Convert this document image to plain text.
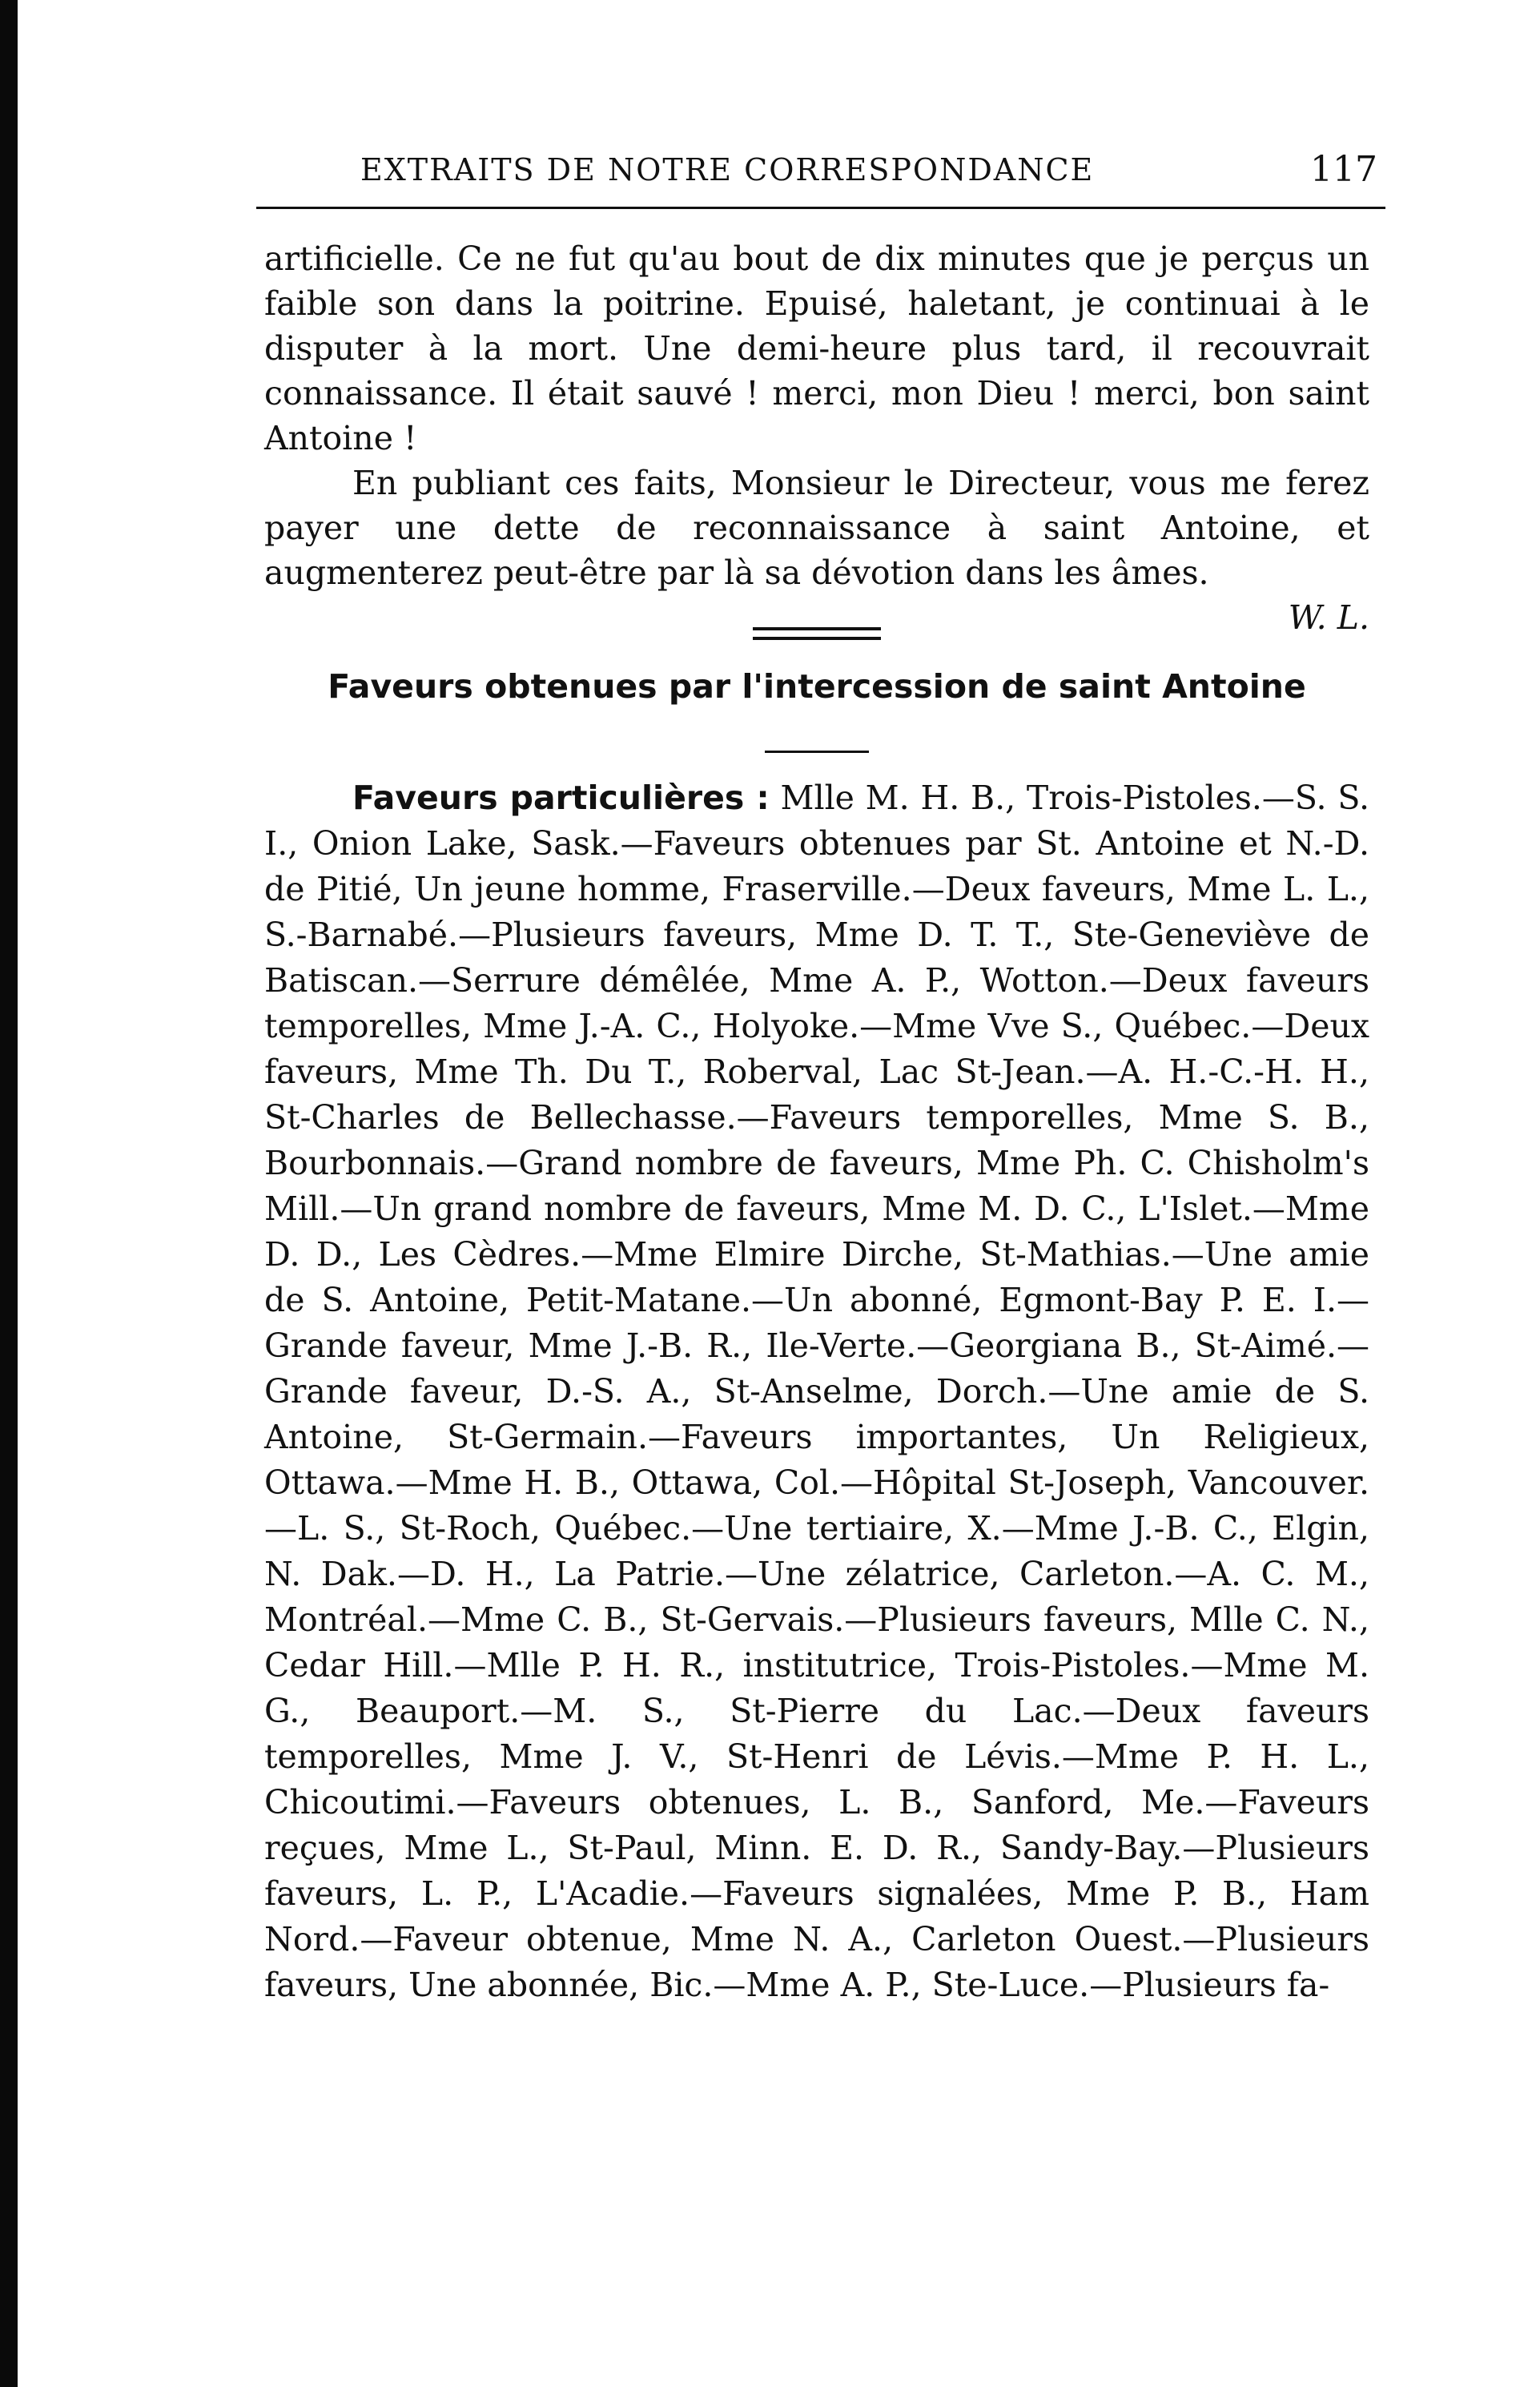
EXTRAITS DE NOTRE CORRESPONDANCE	117

artificielle. Ce ne fut qu'au bout de dix minutes que je perçus un faible son dans la poitrine. Epuisé, haletant, je continuai à le disputer à la mort. Une demi-heure plus tard, il recouvrait connaissance. Il était sauvé ! merci, mon Dieu ! merci, bon saint Antoine !

En publiant ces faits, Monsieur le Directeur, vous me ferez payer une dette de reconnaissance à saint Antoine, et augmenterez peut-être par là sa dévotion dans les âmes.
W. L.

Faveurs obtenues par l'intercession de saint Antoine

Faveurs particulières : Mlle M. H. B., Trois-Pistoles.—S. S. I., Onion Lake, Sask.—Faveurs obtenues par St. Antoine et N.-D. de Pitié, Un jeune homme, Fraserville.—Deux faveurs, Mme L. L., S.-Barnabé.—Plusieurs faveurs, Mme D. T. T., Ste-Geneviève de Batiscan.—Serrure démêlée, Mme A. P., Wotton.—Deux faveurs temporelles, Mme J.-A. C., Holyoke.—Mme Vve S., Québec.—Deux faveurs, Mme Th. Du T., Roberval, Lac St-Jean.—A. H.-C.-H. H., St-Charles de Bellechasse.—Faveurs temporelles, Mme S. B., Bourbonnais.—Grand nombre de faveurs, Mme Ph. C. Chisholm's Mill.—Un grand nombre de faveurs, Mme M. D. C., L'Islet.—Mme D. D., Les Cèdres.—Mme Elmire Dirche, St-Mathias.—Une amie de S. Antoine, Petit-Matane.—Un abonné, Egmont-Bay P. E. I.—Grande faveur, Mme J.-B. R., Ile-Verte.—Georgiana B., St-Aimé.—Grande faveur, D.-S. A., St-Anselme, Dorch.—Une amie de S. Antoine, St-Germain.—Faveurs importantes, Un Religieux, Ottawa.—Mme H. B., Ottawa, Col.—Hôpital St-Joseph, Vancouver.—L. S., St-Roch, Québec.—Une tertiaire, X.—Mme J.-B. C., Elgin, N. Dak.—D. H., La Patrie.—Une zélatrice, Carleton.—A. C. M., Montréal.—Mme C. B., St-Gervais.—Plusieurs faveurs, Mlle C. N., Cedar Hill.—Mlle P. H. R., institutrice, Trois-Pistoles.—Mme M. G., Beauport.—M. S., St-Pierre du Lac.—Deux faveurs temporelles, Mme J. V., St-Henri de Lévis.—Mme P. H. L., Chicoutimi.—Faveurs obtenues, L. B., Sanford, Me.—Faveurs reçues, Mme L., St-Paul, Minn. E. D. R., Sandy-Bay.—Plusieurs faveurs, L. P., L'Acadie.—Faveurs signalées, Mme P. B., Ham Nord.—Faveur obtenue, Mme N. A., Carleton Ouest.—Plusieurs faveurs, Une abonnée, Bic.—Mme A. P., Ste-Luce.—Plusieurs fa-
